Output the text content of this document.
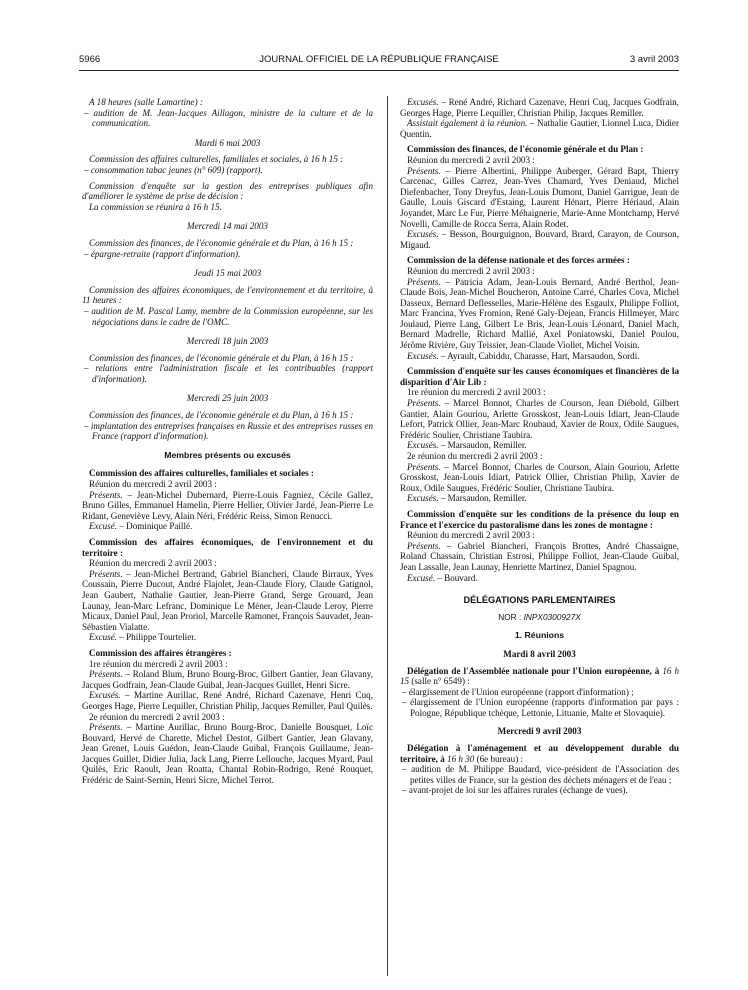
5966	JOURNAL OFFICIEL DE LA RÉPUBLIQUE FRANÇAISE	3 avril 2003

A 18 heures (salle Lamartine) :

– audition de M. Jean-Jacques Aillagon, ministre de la culture et de la communication.

Mardi 6 mai 2003

Commission des affaires culturelles, familiales et sociales, à 16 h 15 :

– consommation tabac jeunes (n° 609) (rapport).

Commission d'enquête sur la gestion des entreprises publiques afin d'améliorer le système de prise de décision :

La commission se réunira à 16 h 15.

Mercredi 14 mai 2003

Commission des finances, de l'économie générale et du Plan, à 16 h 15 :

– épargne-retraite (rapport d'information).

Jeudi 15 mai 2003

Commission des affaires économiques, de l'environnement et du territoire, à 11 heures :

– audition de M. Pascal Lamy, membre de la Commission européenne, sur les négociations dans le cadre de l'OMC.

Mercredi 18 juin 2003

Commission des finances, de l'économie générale et du Plan, à 16 h 15 :

– relations entre l'administration fiscale et les contribuables (rapport d'information).

Mercredi 25 juin 2003

Commission des finances, de l'économie générale et du Plan, à 16 h 15 :

– implantation des entreprises françaises en Russie et des entreprises russes en France (rapport d'information).

Membres présents ou excusés

Commission des affaires culturelles, familiales et sociales :

Réunion du mercredi 2 avril 2003 :

Présents. – Jean-Michel Dubernard, Pierre-Louis Fagniez, Cécile Gallez, Bruno Gilles, Emmanuel Hamelin, Pierre Hellier, Olivier Jardé, Jean-Pierre Le Ridant, Geneviève Levy, Alain Néri, Frédéric Reiss, Simon Renucci.

Excusé. – Dominique Paillé.

Commission des affaires économiques, de l'environnement et du territoire :

Réunion du mercredi 2 avril 2003 :

Présents. – Jean-Michel Bertrand, Gabriel Biancheri, Claude Birraux, Yves Coussain, Pierre Ducout, André Flajolet, Jean-Claude Flory, Claude Gatignol, Jean Gaubert, Nathalie Gautier, Jean-Pierre Grand, Serge Grouard, Jean Launay, Jean-Marc Lefranc, Dominique Le Mèner, Jean-Claude Leroy, Pierre Micaux, Daniel Paul, Jean Proriol, Marcelle Ramonet, François Sauvadet, Jean-Sébastien Vialatte.

Excusé. – Philippe Tourtelier.

Commission des affaires étrangères :

1re réunion du mercredi 2 avril 2003 :

Présents. – Roland Blum, Bruno Bourg-Broc, Gilbert Gantier, Jean Glavany, Jacques Godfrain, Jean-Claude Guibal, Jean-Jacques Guillet, Henri Sicre.

Excusés. – Martine Aurillac, René André, Richard Cazenave, Henri Cuq, Georges Hage, Pierre Lequiller, Christian Philip, Jacques Remiller, Paul Quilès.

2e réunion du mercredi 2 avril 2003 :

Présents. – Martine Aurillac, Bruno Bourg-Broc, Danielle Bousquet, Loïc Bouvard, Hervé de Charette, Michel Destot, Gilbert Gantier, Jean Glavany, Jean Grenet, Louis Guédon, Jean-Claude Guibal, François Guillaume, Jean-Jacques Guillet, Didier Julia, Jack Lang, Pierre Lellouche, Jacques Myard, Paul Quilès, Eric Raoult, Jean Roatta, Chantal Robin-Rodrigo, René Rouquet, Frédéric de Saint-Sernin, Henri Sicre, Michel Terrot.

Excusés. – René André, Richard Cazenave, Henri Cuq, Jacques Godfrain, Georges Hage, Pierre Lequiller, Christian Philip, Jacques Remiller.

Assistait également à la réunion. – Nathalie Gautier, Lionnel Luca, Didier Quentin.

Commission des finances, de l'économie générale et du Plan :

Réunion du mercredi 2 avril 2003 :

Présents. – Pierre Albertini, Philippe Auberger, Gérard Bapt, Thierry Carcenac, Gilles Carrez, Jean-Yves Chamard, Yves Deniaud, Michel Diefenbacher, Tony Dreyfus, Jean-Louis Dumont, Daniel Garrigue, Jean de Gaulle, Louis Giscard d'Estaing, Laurent Hénart, Pierre Hériaud, Alain Joyandet, Marc Le Fur, Pierre Méhaignerie, Marie-Anne Montchamp, Hervé Novelli, Camille de Rocca Serra, Alain Rodet.

Excusés. – Besson, Bourguignon, Bouvard, Brard, Carayon, de Courson, Migaud.

Commission de la défense nationale et des forces armées :

Réunion du mercredi 2 avril 2003 :

Présents. – Patricia Adam, Jean-Louis Bernard, André Berthol, Jean-Claude Bois, Jean-Michel Boucheron, Antoine Carré, Charles Cova, Michel Dasseux, Bernard Deflesselles, Marie-Hélène des Esgaulx, Philippe Folliot, Marc Francina, Yves Fromion, René Galy-Dejean, Francis Hillmeyer, Marc Joulaud, Pierre Lang, Gilbert Le Bris, Jean-Louis Léonard, Daniel Mach, Bernard Madrelle, Richard Mallié, Axel Poniatowski, Daniel Poulou, Jérôme Rivière, Guy Teissier, Jean-Claude Viollet, Michel Voisin.

Excusés. – Ayrault, Cabiddu, Charasse, Hart, Marsaudon, Sordi.

Commission d'enquête sur les causes économiques et financières de la disparition d'Air Lib :

1re réunion du mercredi 2 avril 2003 :

Présents. – Marcel Bonnot, Charles de Courson, Jean Diébold, Gilbert Gantier, Alain Gouriou, Arlette Grosskost, Jean-Louis Idiart, Jean-Claude Lefort, Patrick Ollier, Jean-Marc Roubaud, Xavier de Roux, Odile Saugues, Frédéric Soulier, Christiane Taubira.

Excusés. – Marsaudon, Remiller.

2e réunion du mercredi 2 avril 2003 :

Présents. – Marcel Bonnot, Charles de Courson, Alain Gouriou, Arlette Grosskost, Jean-Louis Idiart, Patrick Ollier, Christian Philip, Xavier de Roux, Odile Saugues, Frédéric Soulier, Christiane Taubira.

Excusés. – Marsaudon, Remiller.

Commission d'enquête sur les conditions de la présence du loup en France et l'exercice du pastoralisme dans les zones de montagne :

Réunion du mercredi 2 avril 2003 :

Présents. – Gabriel Biancheri, François Brottes, André Chassaigne, Roland Chassain, Christian Estrosi, Philippe Folliot, Jean-Claude Guibal, Jean Lassalle, Jean Launay, Henriette Martinez, Daniel Spagnou.

Excusé. – Bouvard.

DÉLÉGATIONS PARLEMENTAIRES

NOR : INPX0300927X

1. Réunions

Mardi 8 avril 2003

Délégation de l'Assemblée nationale pour l'Union européenne, à 16 h 15 (salle n° 6549) :

– élargissement de l'Union européenne (rapport d'information) ;

– élargissement de l'Union européenne (rapports d'information par pays : Pologne, République tchèque, Lettonie, Lituanie, Malte et Slovaquie).

Mercredi 9 avril 2003

Délégation à l'aménagement et au développement durable du territoire, à 16 h 30 (6e bureau) :

– audition de M. Philippe Baudard, vice-président de l'Association des petites villes de France, sur la gestion des déchets ménagers et de l'eau ;

– avant-projet de loi sur les affaires rurales (échange de vues).
